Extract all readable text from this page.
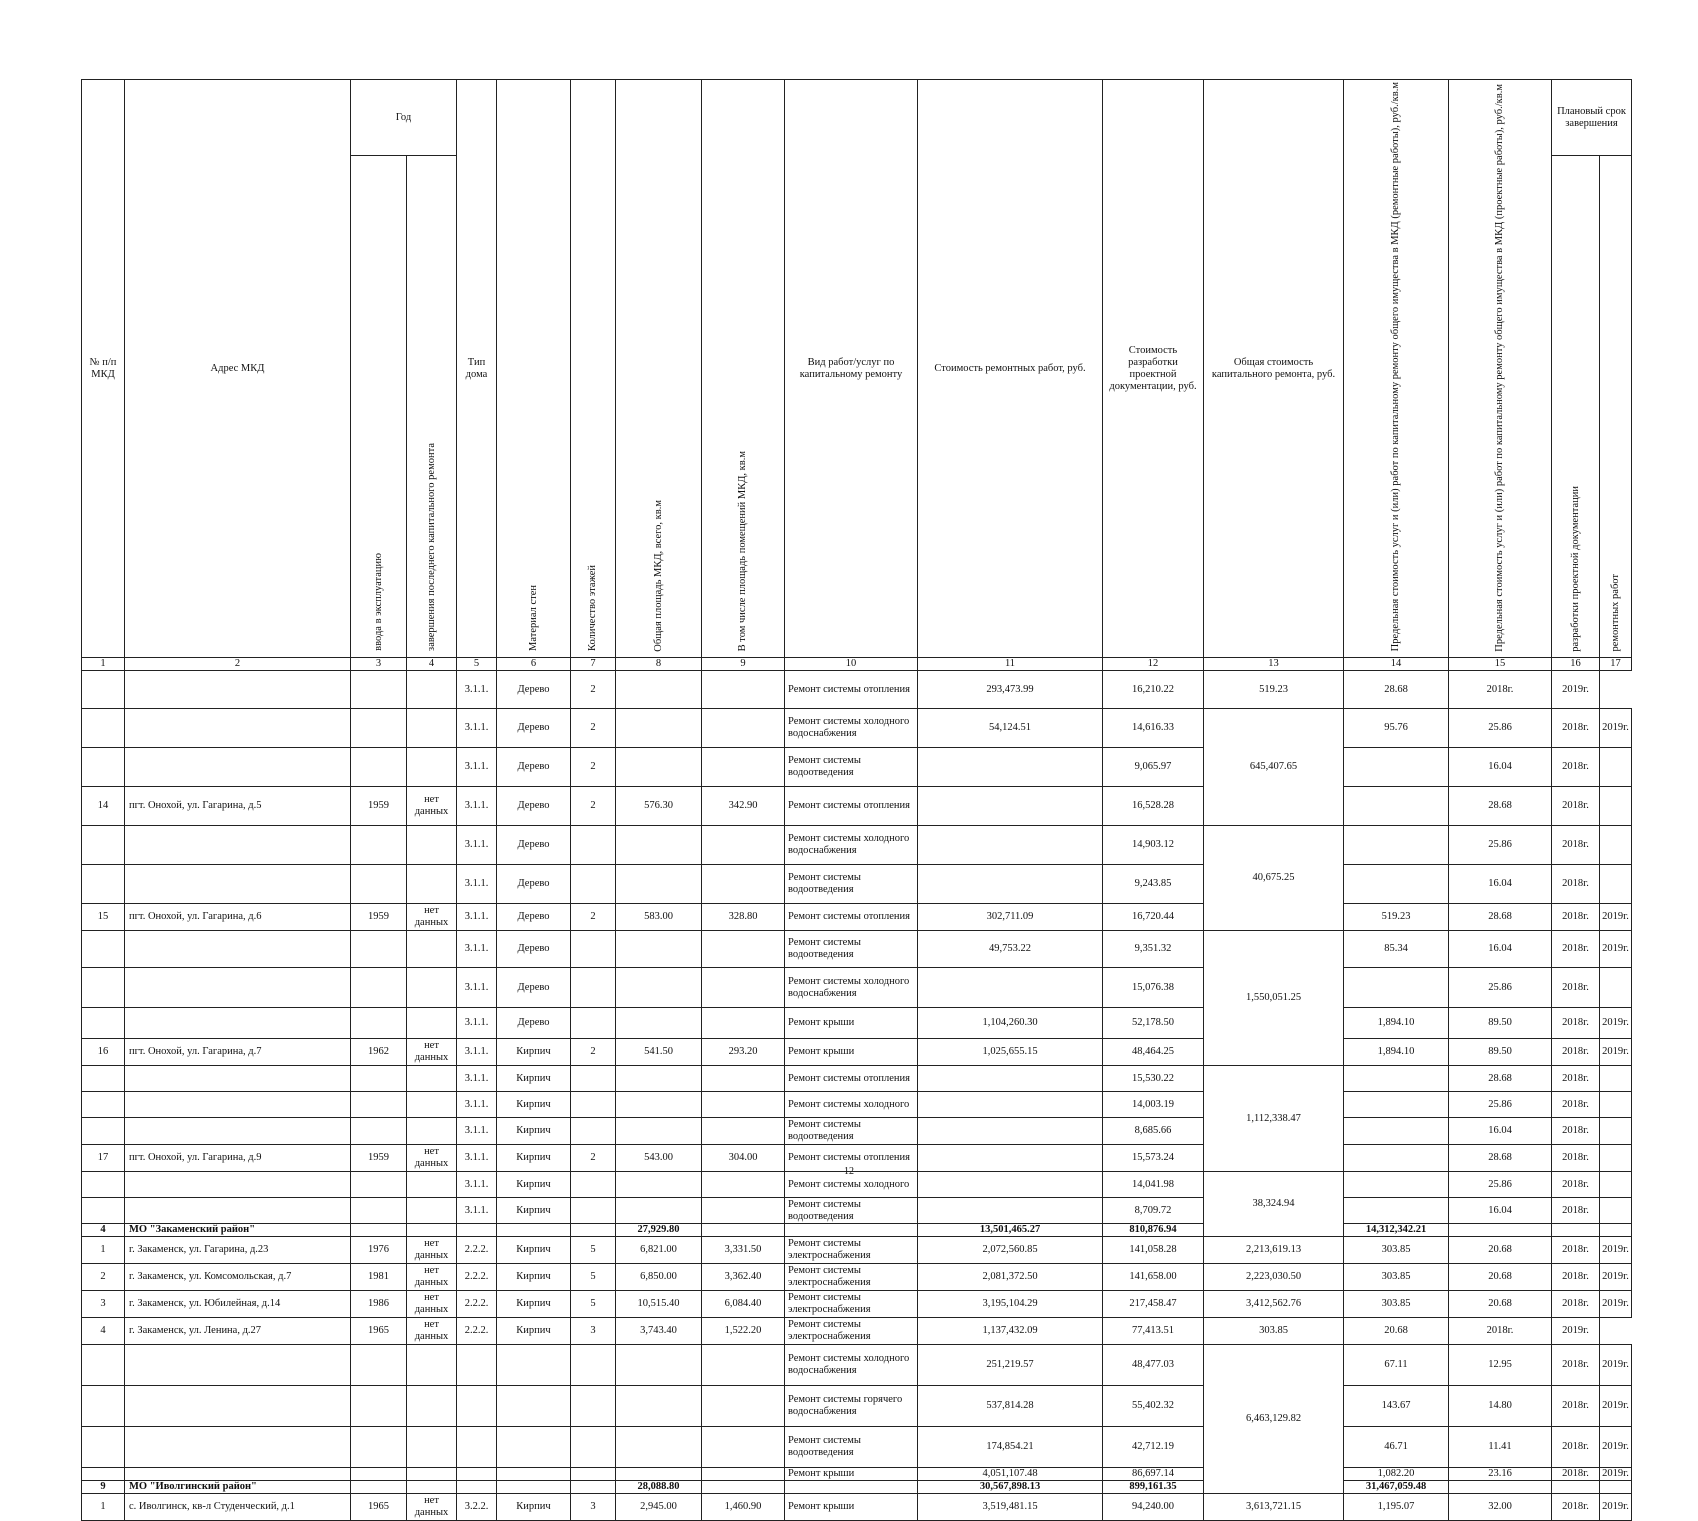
№ п/п МКД	Адрес МКД	Год		Тип дома	Материал стен	Количество этажей	Общая площадь МКД, всего, кв.м	В том числе площадь помещений МКД, кв.м	Вид работ/услуг по капитальному ремонту	Стоимость ремонтных работ, руб.	Стоимость разработки проектной документации, руб.	Общая стоимость капитального ремонта, руб.	Предельная стоимость услуг и (или) работ по капитальному ремонту общего имущества в МКД (ремонтные работы), руб./кв.м	Предельная стоимость услуг и (или) работ по капитальному ремонту общего имущества в МКД (проектные работы), руб./кв.м	Плановый срок завершения		
		ввода в эксплуатацию	завершения последнего капитального ремонта												разработки проектной документации	ремонтных работ	
1	2	3	4	5	6	7	8	9	10	11	12	13	14	15	16	17	
				3.1.1.	Дерево	2			Ремонт системы отопления	293,473.99	16,210.22	519.23	28.68	2018г.	2019г.		
				3.1.1.	Дерево	2			Ремонт системы холодного водоснабжения	54,124.51	14,616.33	645,407.65	95.76	25.86	2018г.	2019г.	
				3.1.1.	Дерево	2			Ремонт системы водоотведения		9,065.97			16.04	2018г.		
14	пгт. Онохой, ул. Гагарина, д.5	1959	нет данных	3.1.1.	Дерево	2	576.30	342.90	Ремонт системы отопления		16,528.28			28.68	2018г.		
				3.1.1.	Дерево				Ремонт системы холодного водоснабжения		14,903.12	40,675.25		25.86	2018г.		
				3.1.1.	Дерево				Ремонт системы водоотведения		9,243.85			16.04	2018г.		
15	пгт. Онохой, ул. Гагарина, д.6	1959	нет данных	3.1.1.	Дерево	2	583.00	328.80	Ремонт системы отопления	302,711.09	16,720.44		519.23	28.68	2018г.	2019г.	
				3.1.1.	Дерево				Ремонт системы водоотведения	49,753.22	9,351.32	1,550,051.25	85.34	16.04	2018г.	2019г.	
				3.1.1.	Дерево				Ремонт системы холодного водоснабжения		15,076.38			25.86	2018г.		
				3.1.1.	Дерево				Ремонт крыши	1,104,260.30	52,178.50		1,894.10	89.50	2018г.	2019г.	
16	пгт. Онохой, ул. Гагарина, д.7	1962	нет данных	3.1.1.	Кирпич	2	541.50	293.20	Ремонт крыши	1,025,655.15	48,464.25		1,894.10	89.50	2018г.	2019г.	
				3.1.1.	Кирпич				Ремонт системы отопления		15,530.22	1,112,338.47		28.68	2018г.		
				3.1.1.	Кирпич				Ремонт системы холодного		14,003.19			25.86	2018г.		
				3.1.1.	Кирпич				Ремонт системы водоотведения		8,685.66			16.04	2018г.		
17	пгт. Онохой, ул. Гагарина, д.9	1959	нет данных	3.1.1.	Кирпич	2	543.00	304.00	Ремонт системы отопления		15,573.24			28.68	2018г.		
				3.1.1.	Кирпич				Ремонт системы холодного		14,041.98	38,324.94		25.86	2018г.		
				3.1.1.	Кирпич				Ремонт системы водоотведения		8,709.72			16.04	2018г.		
4	МО "Закаменский район"						27,929.80			13,501,465.27	810,876.94		14,312,342.21				
1	г. Закаменск, ул. Гагарина, д.23	1976	нет данных	2.2.2.	Кирпич	5	6,821.00	3,331.50	Ремонт системы электроснабжения	2,072,560.85	141,058.28	2,213,619.13	303.85	20.68	2018г.	2019г.	
2	г. Закаменск, ул. Комсомольская, д.7	1981	нет данных	2.2.2.	Кирпич	5	6,850.00	3,362.40	Ремонт системы электроснабжения	2,081,372.50	141,658.00	2,223,030.50	303.85	20.68	2018г.	2019г.	
3	г. Закаменск, ул. Юбилейная, д.14	1986	нет данных	2.2.2.	Кирпич	5	10,515.40	6,084.40	Ремонт системы электроснабжения	3,195,104.29	217,458.47	3,412,562.76	303.85	20.68	2018г.	2019г.	
4	г. Закаменск, ул. Ленина, д.27	1965	нет данных	2.2.2.	Кирпич	3	3,743.40	1,522.20	Ремонт системы электроснабжения	1,137,432.09	77,413.51	303.85	20.68	2018г.	2019г.		
									Ремонт системы холодного водоснабжения	251,219.57	48,477.03	6,463,129.82	67.11	12.95	2018г.	2019г.	
									Ремонт системы горячего водоснабжения	537,814.28	55,402.32		143.67	14.80	2018г.	2019г.	
									Ремонт системы водоотведения	174,854.21	42,712.19		46.71	11.41	2018г.	2019г.	
									Ремонт крыши	4,051,107.48	86,697.14		1,082.20	23.16	2018г.	2019г.	
9	МО "Иволгинский район"						28,088.80			30,567,898.13	899,161.35		31,467,059.48				
1	с. Иволгинск, кв-л Студенческий, д.1	1965	нет данных	3.2.2.	Кирпич	3	2,945.00	1,460.90	Ремонт крыши	3,519,481.15	94,240.00	3,613,721.15	1,195.07	32.00	2018г.	2019г.	
12
